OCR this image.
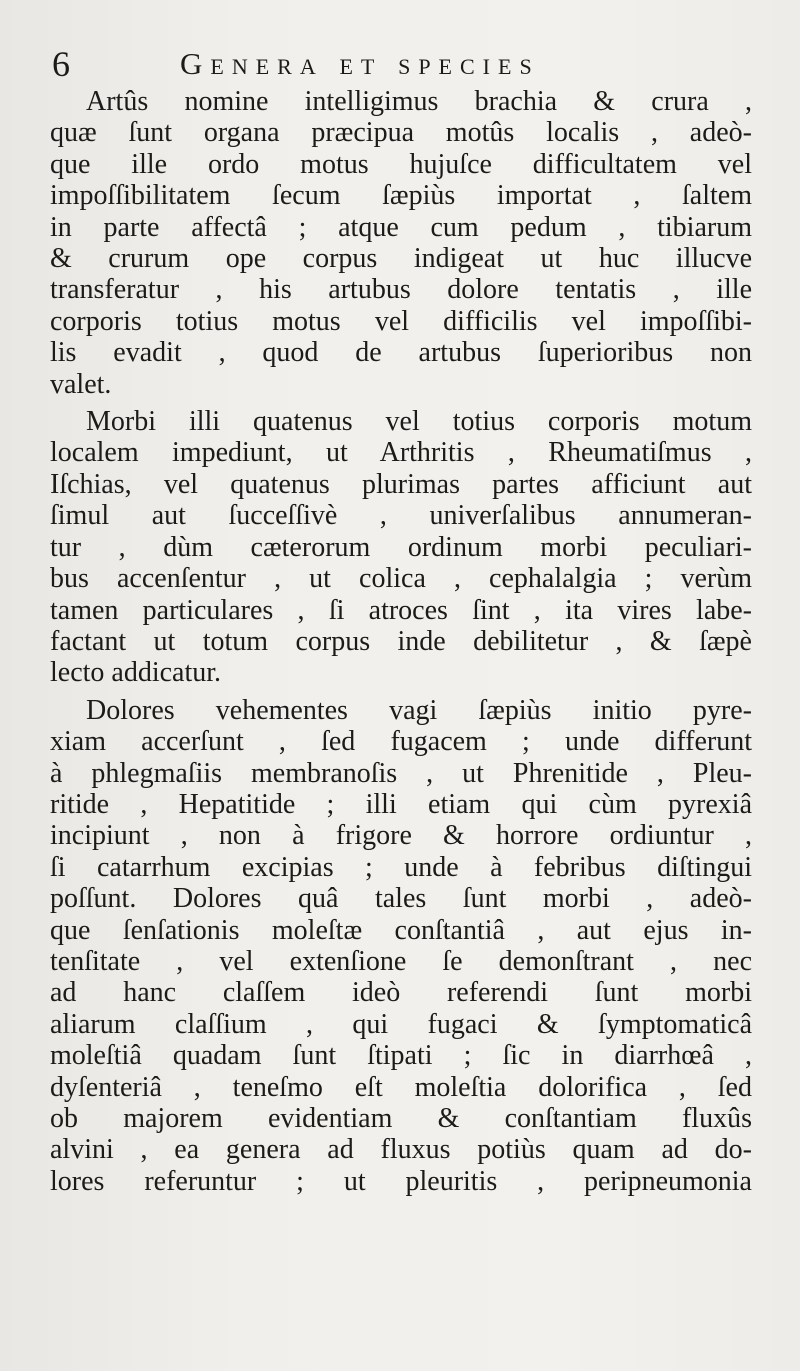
6	Genera et species
Artûs nomine intelligimus brachia & crura ,
quæ ſunt organa præcipua motûs localis , adeò-
que ille ordo motus hujuſce difficultatem vel
impoſſibilitatem ſecum ſæpiùs importat , ſaltem
in parte affectâ ; atque cum pedum , tibiarum
& crurum ope corpus indigeat ut huc illucve
transferatur , his artubus dolore tentatis , ille
corporis totius motus vel difficilis vel impoſſibi-
lis evadit , quod de artubus ſuperioribus non
valet.
Morbi illi quatenus vel totius corporis motum
localem impediunt, ut Arthritis , Rheumatiſmus ,
Iſchias, vel quatenus plurimas partes afficiunt aut
ſimul aut ſucceſſivè , univerſalibus annumeran-
tur , dùm cæterorum ordinum morbi peculiari-
bus accenſentur , ut colica , cephalalgia ; verùm
tamen particulares , ſi atroces ſint , ita vires labe-
factant ut totum corpus inde debilitetur , & ſæpè
lecto addicatur.
Dolores vehementes vagi ſæpiùs initio pyre-
xiam accerſunt , ſed fugacem ; unde differunt
à phlegmaſiis membranoſis , ut Phrenitide , Pleu-
ritide , Hepatitide ; illi etiam qui cùm pyrexiâ
incipiunt , non à frigore & horrore ordiuntur ,
ſi catarrhum excipias ; unde à febribus diſtingui
poſſunt. Dolores quâ tales ſunt morbi , adeò-
que ſenſationis moleſtæ conſtantiâ , aut ejus in-
tenſitate , vel extenſione ſe demonſtrant , nec
ad hanc claſſem ideò referendi ſunt morbi
aliarum claſſium , qui fugaci & ſymptomaticâ
moleſtiâ quadam ſunt ſtipati ; ſic in diarrhœâ ,
dyſenteriâ , teneſmo eſt moleſtia dolorifica , ſed
ob majorem evidentiam & conſtantiam fluxûs
alvini , ea genera ad fluxus potiùs quam ad do-
lores referuntur ; ut pleuritis , peripneumonia
